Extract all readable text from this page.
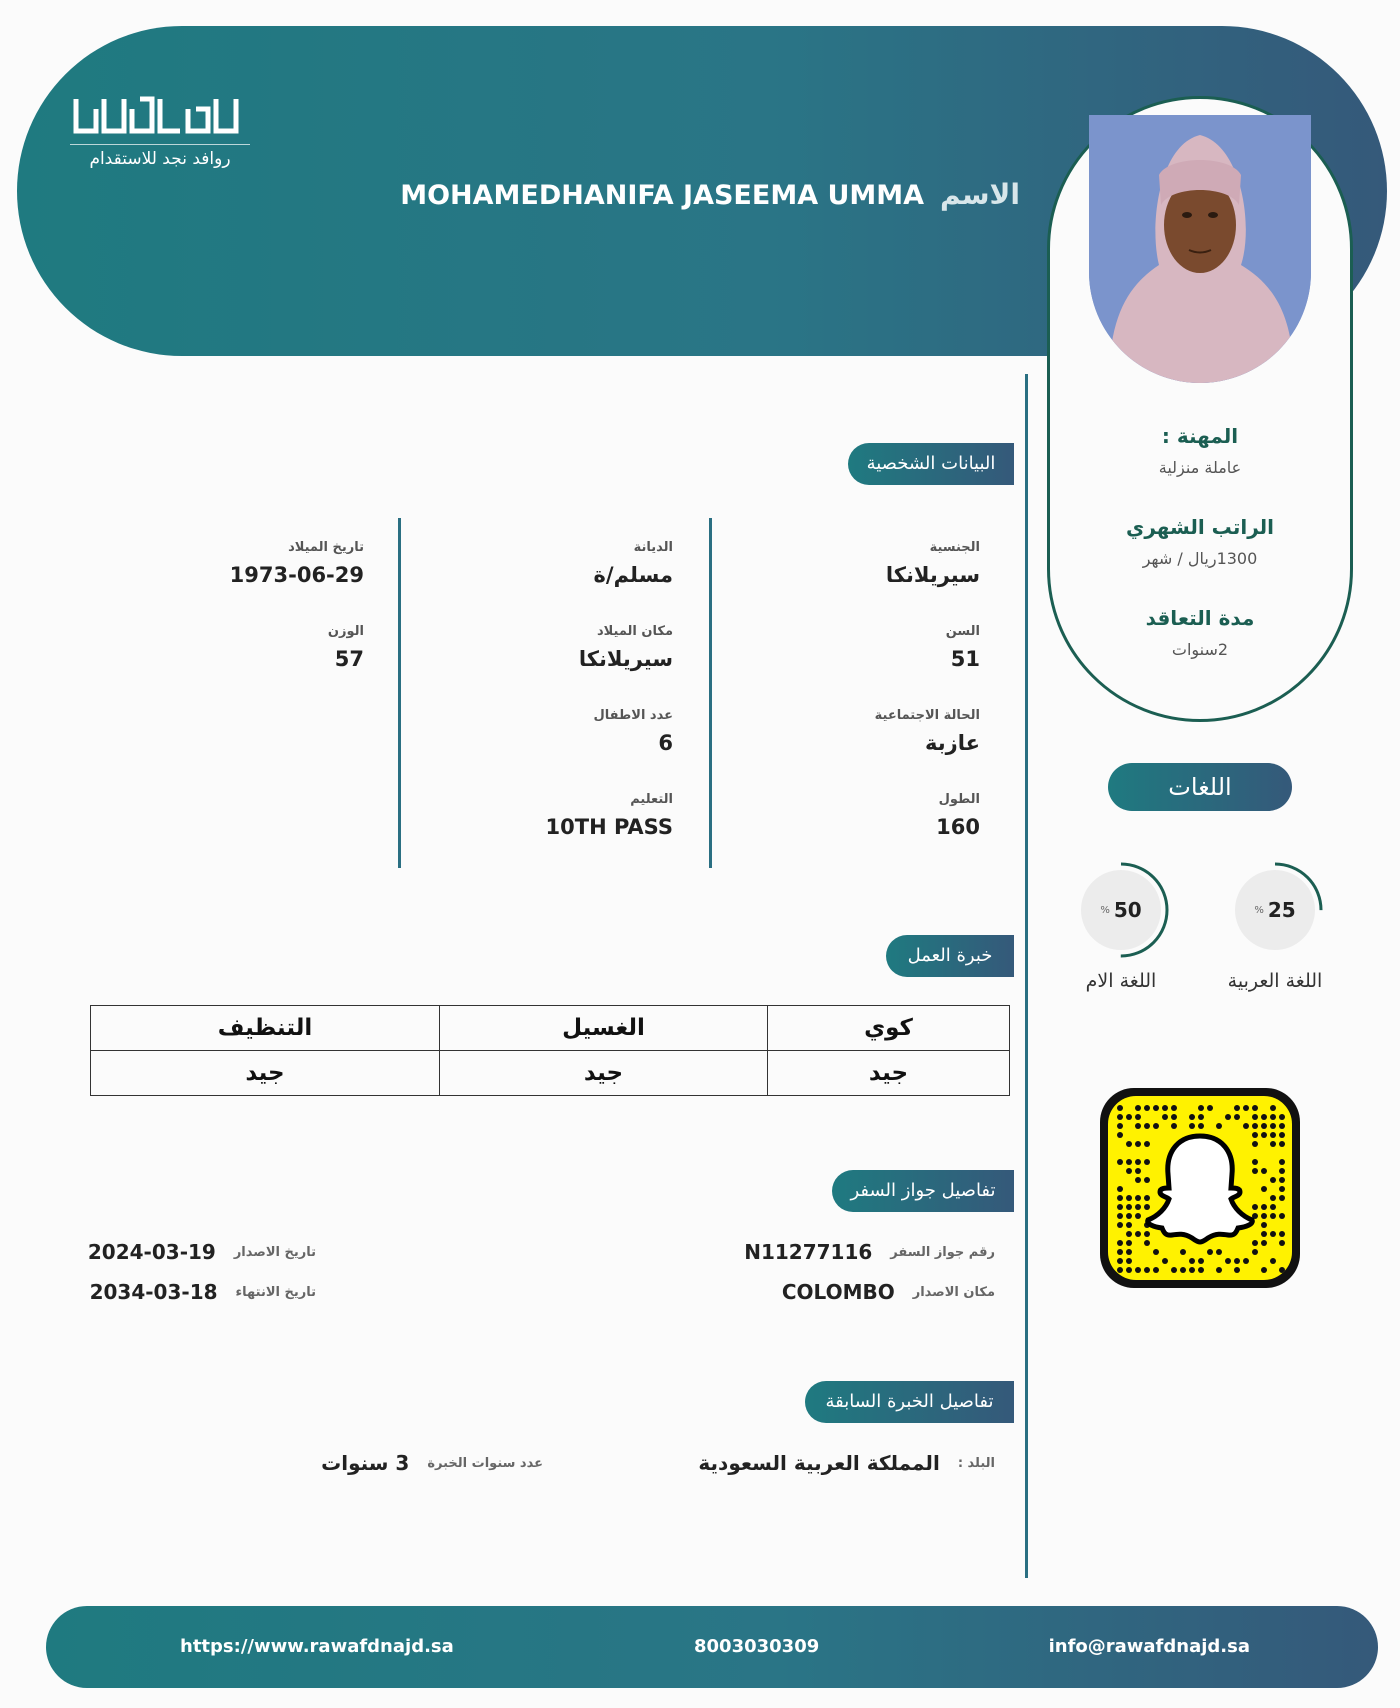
روافد نجد للاستقدام
الاسم
MOHAMEDHANIFA JASEEMA UMMA
المهنة :
عاملة منزلية
الراتب الشهري
1300ريال / شهر
مدة التعاقد
2سنوات
اللغات
% 25
اللغة العربية
% 50
اللغة الام
البيانات الشخصية
الجنسية
سيريلانكا
السن
51
الحالة الاجتماعية
عازبة
الطول
160
الديانة
مسلم/ة
مكان الميلاد
سيريلانكا
عدد الاطفال
6
التعليم
10TH PASS
تاريخ الميلاد
1973-06-29
الوزن
57
خبرة العمل
كوي	الغسيل	التنظيف
جيد	جيد	جيد
تفاصيل جواز السفر
رقم جواز السفر
N11277116
مكان الاصدار
COLOMBO
تاريخ الاصدار
2024-03-19
تاريخ الانتهاء
2034-03-18
تفاصيل الخبرة السابقة
البلد :
المملكة العربية السعودية
عدد سنوات الخبرة
3 سنوات
https://www.rawafdnajd.sa	8003030309	info@rawafdnajd.sa
